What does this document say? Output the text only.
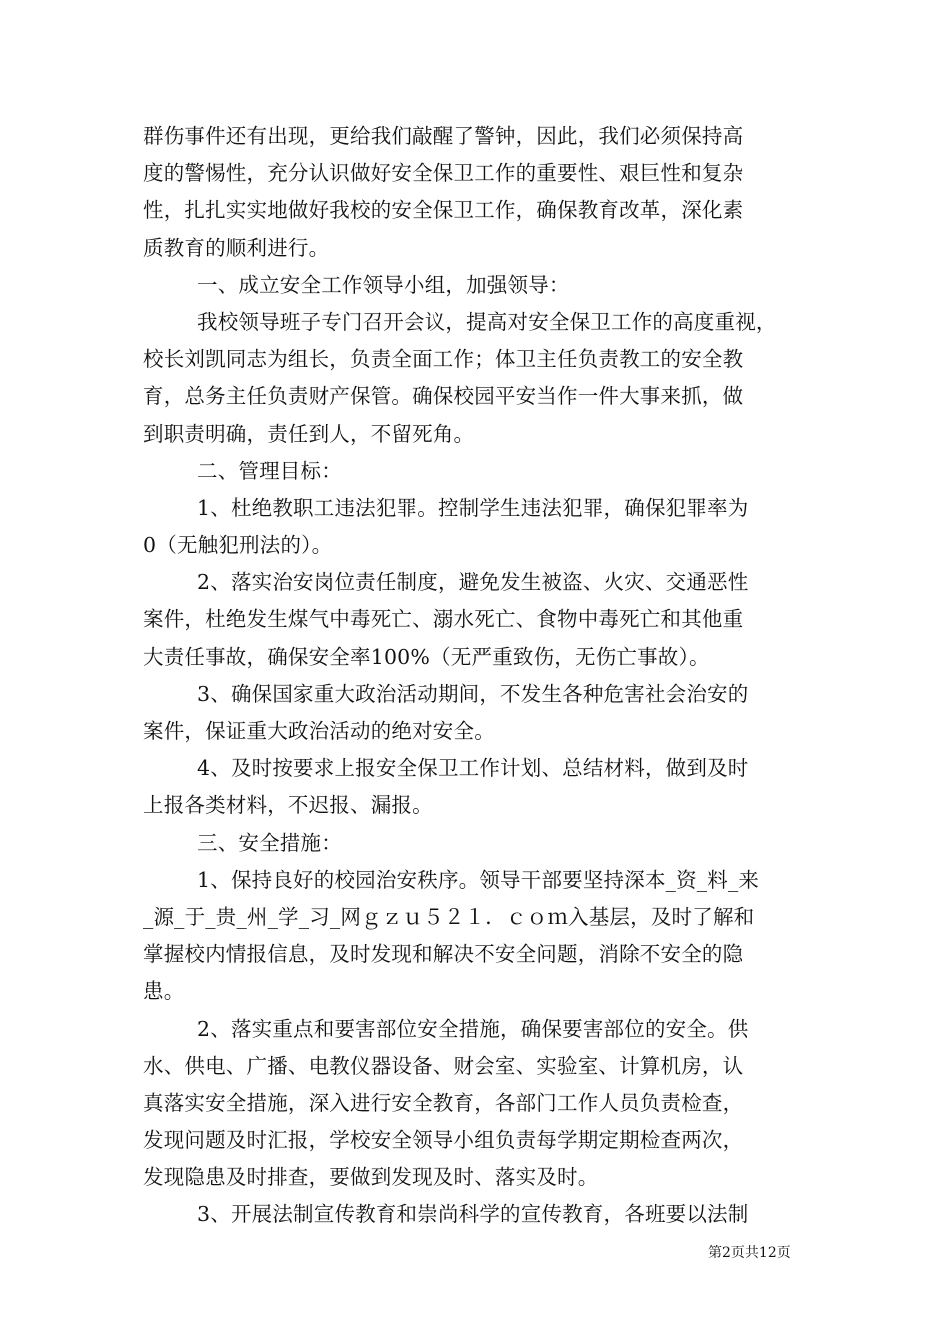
群伤事件还有出现，更给我们敲醒了警钟，因此，我们必须保持高
度的警惕性，充分认识做好安全保卫工作的重要性、艰巨性和复杂
性，扎扎实实地做好我校的安全保卫工作，确保教育改革，深化素
质教育的顺利进行。
一、成立安全工作领导小组，加强领导：
我校领导班子专门召开会议，提高对安全保卫工作的高度重视，
校长刘凯同志为组长，负责全面工作；体卫主任负责教工的安全教
育，总务主任负责财产保管。确保校园平安当作一件大事来抓，做
到职责明确，责任到人，不留死角。
二、管理目标：
1、杜绝教职工违法犯罪。控制学生违法犯罪，确保犯罪率为
0（无触犯刑法的）。
2、落实治安岗位责任制度，避免发生被盗、火灾、交通恶性
案件，杜绝发生煤气中毒死亡、溺水死亡、食物中毒死亡和其他重
大责任事故，确保安全率100%（无严重致伤，无伤亡事故）。
3、确保国家重大政治活动期间，不发生各种危害社会治安的
案件，保证重大政治活动的绝对安全。
4、及时按要求上报安全保卫工作计划、总结材料，做到及时
上报各类材料，不迟报、漏报。
三、安全措施：
1、保持良好的校园治安秩序。领导干部要坚持深本_资_料_来
_源_于_贵_州_学_习_网ｇｚｕ５２１．ｃｏｍ入基层，及时了解和
掌握校内情报信息，及时发现和解决不安全问题，消除不安全的隐
患。
2、落实重点和要害部位安全措施，确保要害部位的安全。供
水、供电、广播、电教仪器设备、财会室、实验室、计算机房，认
真落实安全措施，深入进行安全教育，各部门工作人员负责检查，
发现问题及时汇报，学校安全领导小组负责每学期定期检查两次，
发现隐患及时排查，要做到发现及时、落实及时。
3、开展法制宣传教育和崇尚科学的宣传教育，各班要以法制
第2页共12页
